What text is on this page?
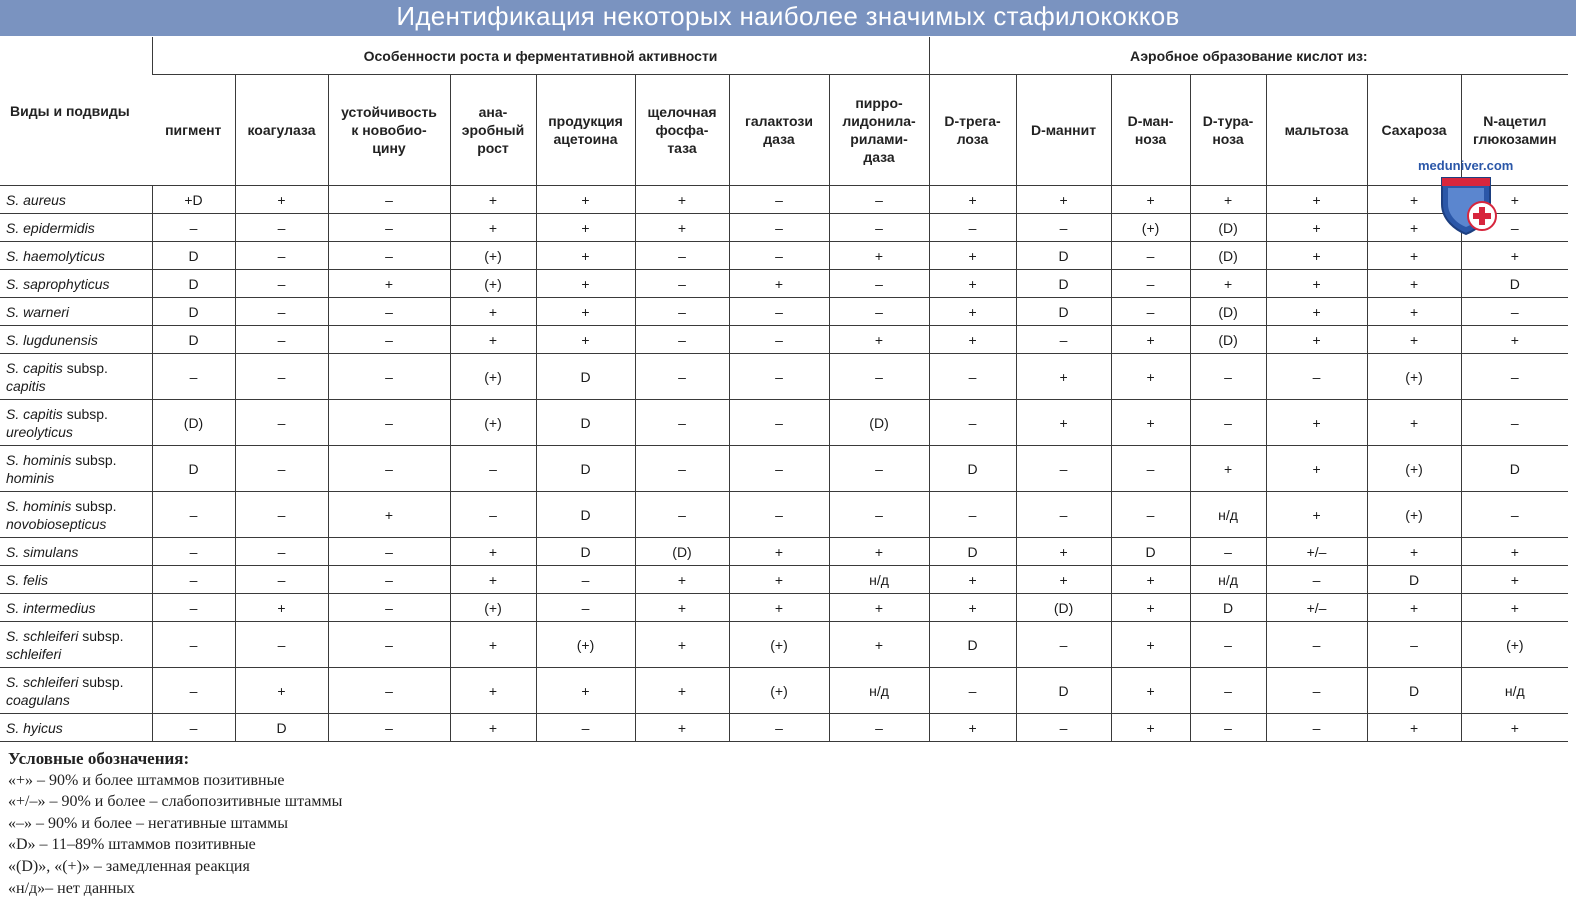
Идентификация некоторых наиболее значимых стафилококков
Виды и подвиды	Особенности роста и ферментативной активности								Аэробное образование кислот из:						
	пигмент	коагулаза	устойчивость
к новобио-
цину	ана-
эробный
рост	продукция
ацетоина	щелочная
фосфа-
таза	галактози
даза	пирро-
лидонила-
рилами-
даза	D-трега-
лоза	D-маннит	D-ман-
ноза	D-тура-
ноза	мальтоза	Сахароза	N-ацетил
глюкозамин
S. aureus	+D	+	–	+	+	+	–	–	+	+	+	+	+	+	+
S. epidermidis	–	–	–	+	+	+	–	–	–	–	(+)	(D)	+	+	–
S. haemolyticus	D	–	–	(+)	+	–	–	+	+	D	–	(D)	+	+	+
S. saprophyticus	D	–	+	(+)	+	–	+	–	+	D	–	+	+	+	D
S. warneri	D	–	–	+	+	–	–	–	+	D	–	(D)	+	+	–
S. lugdunensis	D	–	–	+	+	–	–	+	+	–	+	(D)	+	+	+
S. capitis subsp.
capitis	–	–	–	(+)	D	–	–	–	–	+	+	–	–	(+)	–
S. capitis subsp.
ureolyticus	(D)	–	–	(+)	D	–	–	(D)	–	+	+	–	+	+	–
S. hominis subsp.
hominis	D	–	–	–	D	–	–	–	D	–	–	+	+	(+)	D
S. hominis subsp.
novobiosepticus	–	–	+	–	D	–	–	–	–	–	–	н/д	+	(+)	–
S. simulans	–	–	–	+	D	(D)	+	+	D	+	D	–	+/–	+	+
S. felis	–	–	–	+	–	+	+	н/д	+	+	+	н/д	–	D	+
S. intermedius	–	+	–	(+)	–	+	+	+	+	(D)	+	D	+/–	+	+
S. schleiferi subsp.
schleiferi	–	–	–	+	(+)	+	(+)	+	D	–	+	–	–	–	(+)
S. schleiferi subsp.
coagulans	–	+	–	+	+	+	(+)	н/д	–	D	+	–	–	D	н/д
S. hyicus	–	D	–	+	–	+	–	–	+	–	+	–	–	+	+
meduniver.com
Условные обозначения:
«+» – 90% и более штаммов позитивные
«+/–» – 90% и более – слабопозитивные штаммы
«–» – 90% и более – негативные штаммы
«D» – 11–89% штаммов позитивные
«(D)», «(+)» – замедленная реакция
«н/д»– нет данных
